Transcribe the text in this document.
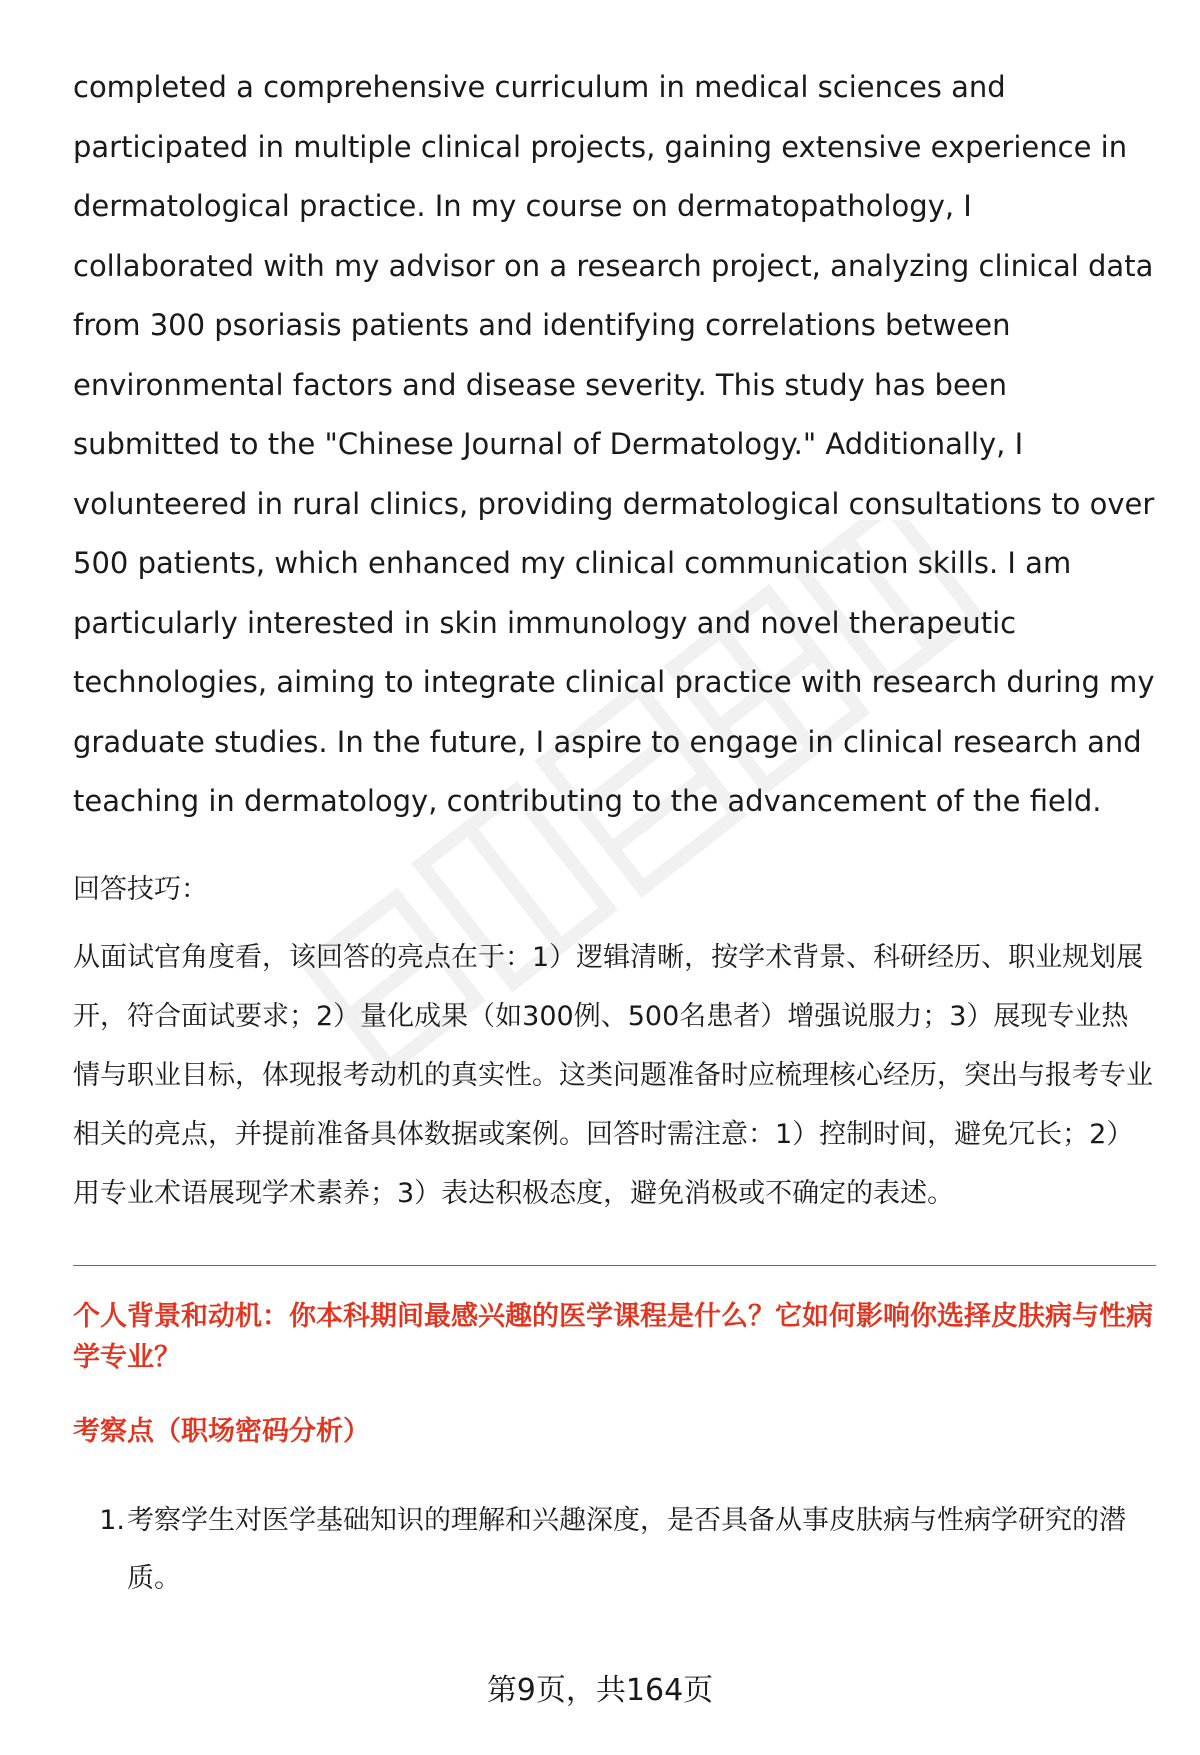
completed a comprehensive curriculum in medical sciences and participated in multiple clinical projects, gaining extensive experience in dermatological practice. In my course on dermatopathology, I collaborated with my advisor on a research project, analyzing clinical data from 300 psoriasis patients and identifying correlations between environmental factors and disease severity. This study has been submitted to the "Chinese Journal of Dermatology." Additionally, I volunteered in rural clinics, providing dermatological consultations to over 500 patients, which enhanced my clinical communication skills. I am particularly interested in skin immunology and novel therapeutic technologies, aiming to integrate clinical practice with research during my graduate studies. In the future, I aspire to engage in clinical research and teaching in dermatology, contributing to the advancement of the field.

回答技巧：

从面试官角度看，该回答的亮点在于：1）逻辑清晰，按学术背景、科研经历、职业规划展开，符合面试要求；2）量化成果（如300例、500名患者）增强说服力；3）展现专业热情与职业目标，体现报考动机的真实性。这类问题准备时应梳理核心经历，突出与报考专业相关的亮点，并提前准备具体数据或案例。回答时需注意：1）控制时间，避免冗长；2）用专业术语展现学术素养；3）表达积极态度，避免消极或不确定的表述。

个人背景和动机：你本科期间最感兴趣的医学课程是什么？它如何影响你选择皮肤病与性病学专业？

考察点（职场密码分析）

1. 考察学生对医学基础知识的理解和兴趣深度，是否具备从事皮肤病与性病学研究的潜质。
第9页，共164页
